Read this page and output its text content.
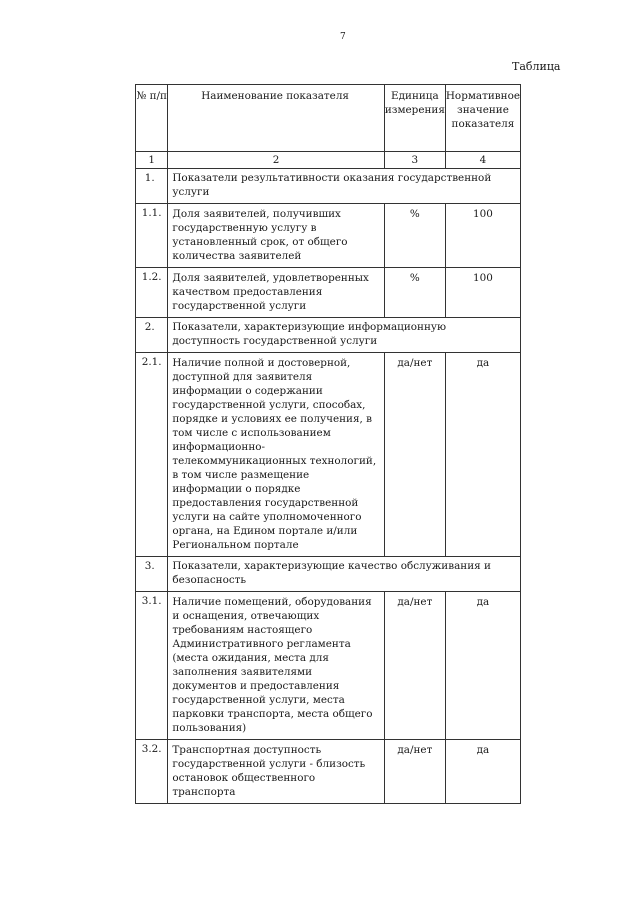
7
Таблица
№ п/п	Наименование показателя	Единица измерения	Нормативное значение показателя
1	2	3	4
1.	Показатели результативности оказания государственной услуги		
1.1.	Доля заявителей, получивших государственную услугу в установленный срок, от общего количества заявителей	%	100
1.2.	Доля заявителей, удовлетворенных качеством предоставления государственной услуги	%	100
2.	Показатели, характеризующие информационную доступность государственной услуги		
2.1.	Наличие полной и достоверной, доступной для заявителя информации о содержании государственной услуги, способах, порядке и условиях ее получения, в том числе с использованием информационно-телекоммуникационных технологий, в том числе размещение информации о порядке предоставления государственной услуги на сайте уполномоченного органа, на Едином портале и/или Региональном портале	да/нет	да
3.	Показатели, характеризующие качество обслуживания и безопасность		
3.1.	Наличие помещений, оборудования и оснащения, отвечающих требованиям настоящего Административного регламента (места ожидания, места для заполнения заявителями документов и предоставления государственной услуги, места парковки транспорта, места общего пользования)	да/нет	да
3.2.	Транспортная доступность государственной услуги - близость остановок общественного транспорта	да/нет	да
